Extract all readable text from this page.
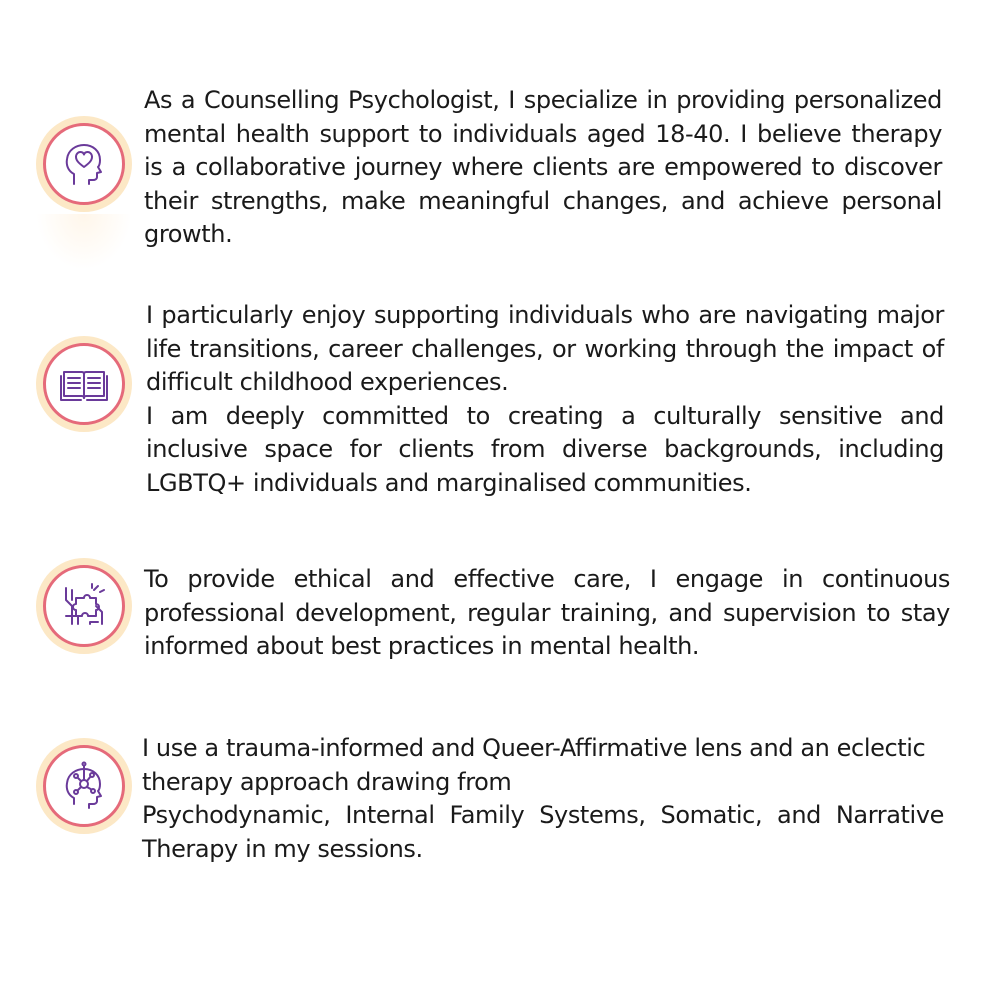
As a Counselling Psychologist, I specialize in providing personalized mental health support to individuals aged 18-40. I believe therapy is a collaborative journey where clients are empowered to discover their strengths, make meaningful changes, and achieve personal growth.

I particularly enjoy supporting individuals who are navigating major life transitions, career challenges, or working through the impact of difficult childhood experiences.
I am deeply committed to creating a culturally sensitive and inclusive space for clients from diverse backgrounds, including LGBTQ+ individuals and marginalised communities.

To provide ethical and effective care, I engage in continuous professional development, regular training, and supervision to stay informed about best practices in mental health.

I use a trauma-informed and Queer-Affirmative lens and an eclectic therapy approach drawing from
Psychodynamic, Internal Family Systems, Somatic, and Narrative Therapy in my sessions.
